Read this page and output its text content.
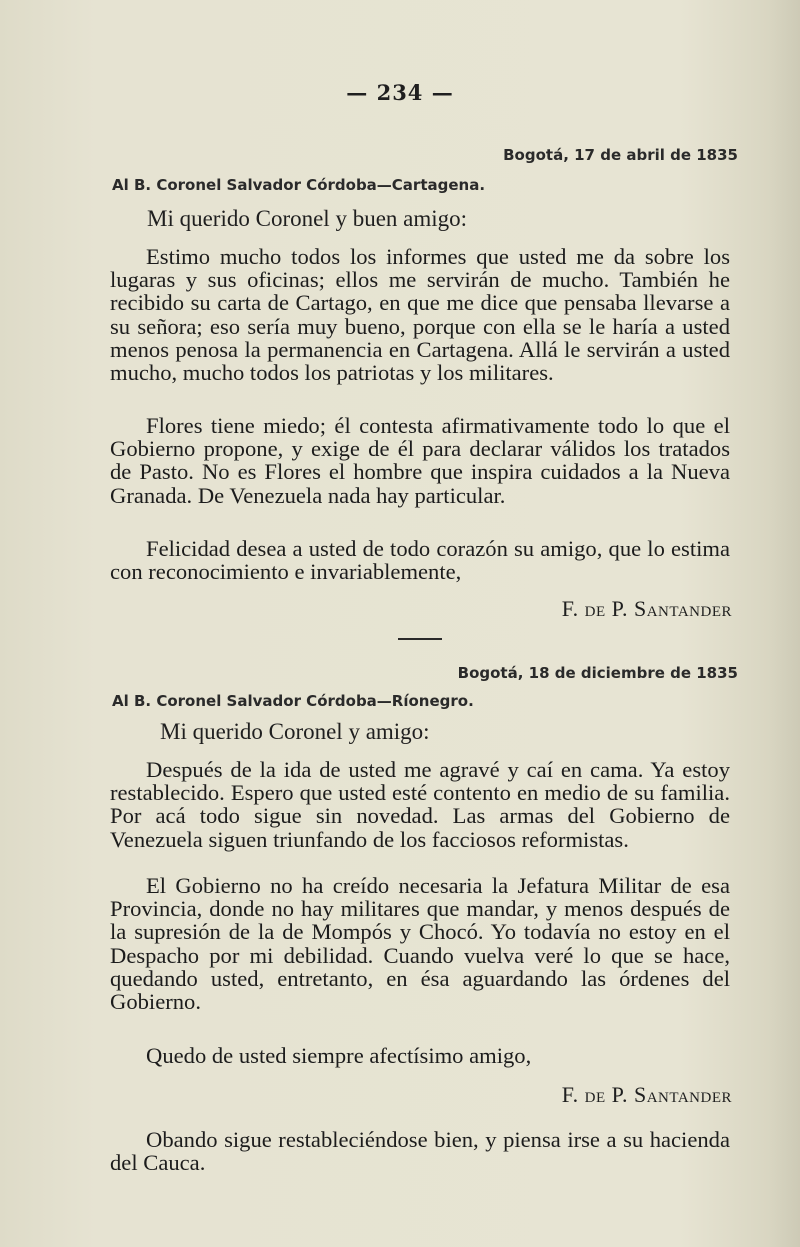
— 234 —
Bogotá, 17 de abril de 1835
Al B. Coronel Salvador Córdoba—Cartagena.
Mi querido Coronel y buen amigo:

Estimo mucho todos los informes que usted me da sobre los lugaras y sus oficinas; ellos me servirán de mucho. También he recibido su carta de Cartago, en que me dice que pensaba llevarse a su señora; eso sería muy bueno, porque con ella se le haría a usted menos penosa la permanencia en Cartagena. Allá le servirán a usted mucho, mucho todos los patriotas y los militares.

Flores tiene miedo; él contesta afirmativamente todo lo que el Gobierno propone, y exige de él para declarar válidos los tratados de Pasto. No es Flores el hombre que inspira cuidados a la Nueva Granada. De Venezuela nada hay particular.

Felicidad desea a usted de todo corazón su amigo, que lo estima con reconocimiento e invariablemente,

F. de P. Santander
Bogotá, 18 de diciembre de 1835
Al B. Coronel Salvador Córdoba—Ríonegro.
Mi querido Coronel y amigo:

Después de la ida de usted me agravé y caí en cama. Ya estoy restablecido. Espero que usted esté contento en medio de su familia. Por acá todo sigue sin novedad. Las armas del Gobierno de Venezuela siguen triunfando de los facciosos reformistas.

El Gobierno no ha creído necesaria la Jefatura Militar de esa Provincia, donde no hay militares que mandar, y menos después de la supresión de la de Mompós y Chocó. Yo todavía no estoy en el Despacho por mi debilidad. Cuando vuelva veré lo que se hace, quedando usted, entretanto, en ésa aguardando las órdenes del Gobierno.

Quedo de usted siempre afectísimo amigo,

F. de P. Santander

Obando sigue restableciéndose bien, y piensa irse a su hacienda del Cauca.
